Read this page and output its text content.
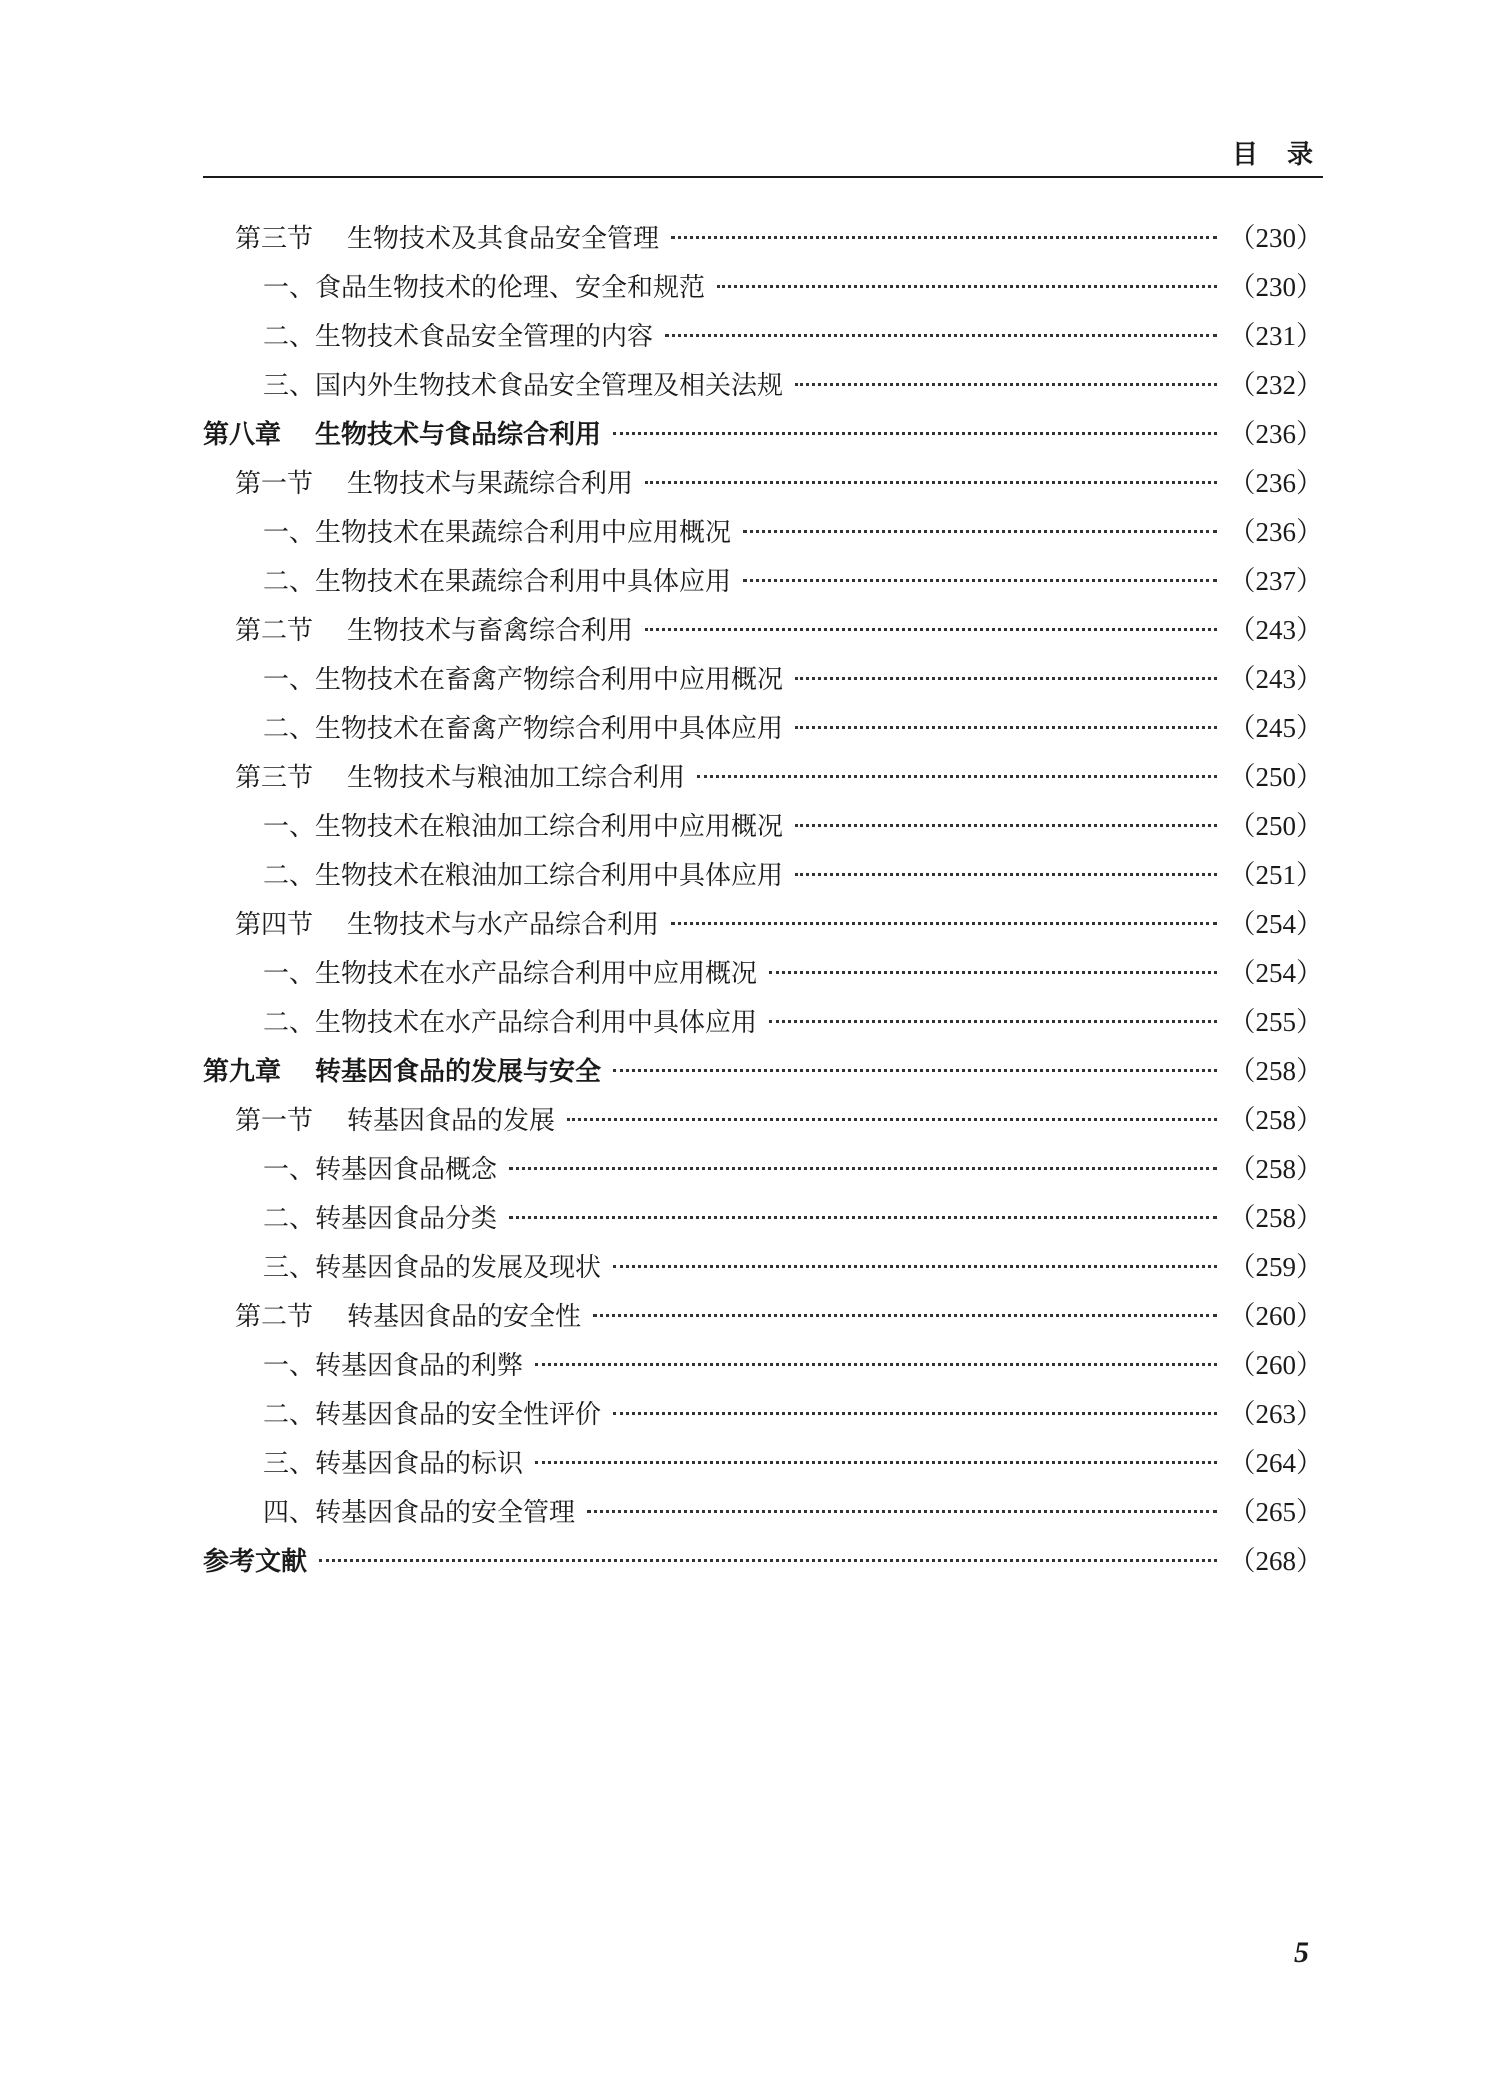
目 录
第三节 生物技术及其食品安全管理	（230）
一、食品生物技术的伦理、安全和规范	（230）
二、生物技术食品安全管理的内容	（231）
三、国内外生物技术食品安全管理及相关法规	（232）
第八章 生物技术与食品综合利用	（236）
第一节 生物技术与果蔬综合利用	（236）
一、生物技术在果蔬综合利用中应用概况	（236）
二、生物技术在果蔬综合利用中具体应用	（237）
第二节 生物技术与畜禽综合利用	（243）
一、生物技术在畜禽产物综合利用中应用概况	（243）
二、生物技术在畜禽产物综合利用中具体应用	（245）
第三节 生物技术与粮油加工综合利用	（250）
一、生物技术在粮油加工综合利用中应用概况	（250）
二、生物技术在粮油加工综合利用中具体应用	（251）
第四节 生物技术与水产品综合利用	（254）
一、生物技术在水产品综合利用中应用概况	（254）
二、生物技术在水产品综合利用中具体应用	（255）
第九章 转基因食品的发展与安全	（258）
第一节 转基因食品的发展	（258）
一、转基因食品概念	（258）
二、转基因食品分类	（258）
三、转基因食品的发展及现状	（259）
第二节 转基因食品的安全性	（260）
一、转基因食品的利弊	（260）
二、转基因食品的安全性评价	（263）
三、转基因食品的标识	（264）
四、转基因食品的安全管理	（265）
参考文献	（268）
5
